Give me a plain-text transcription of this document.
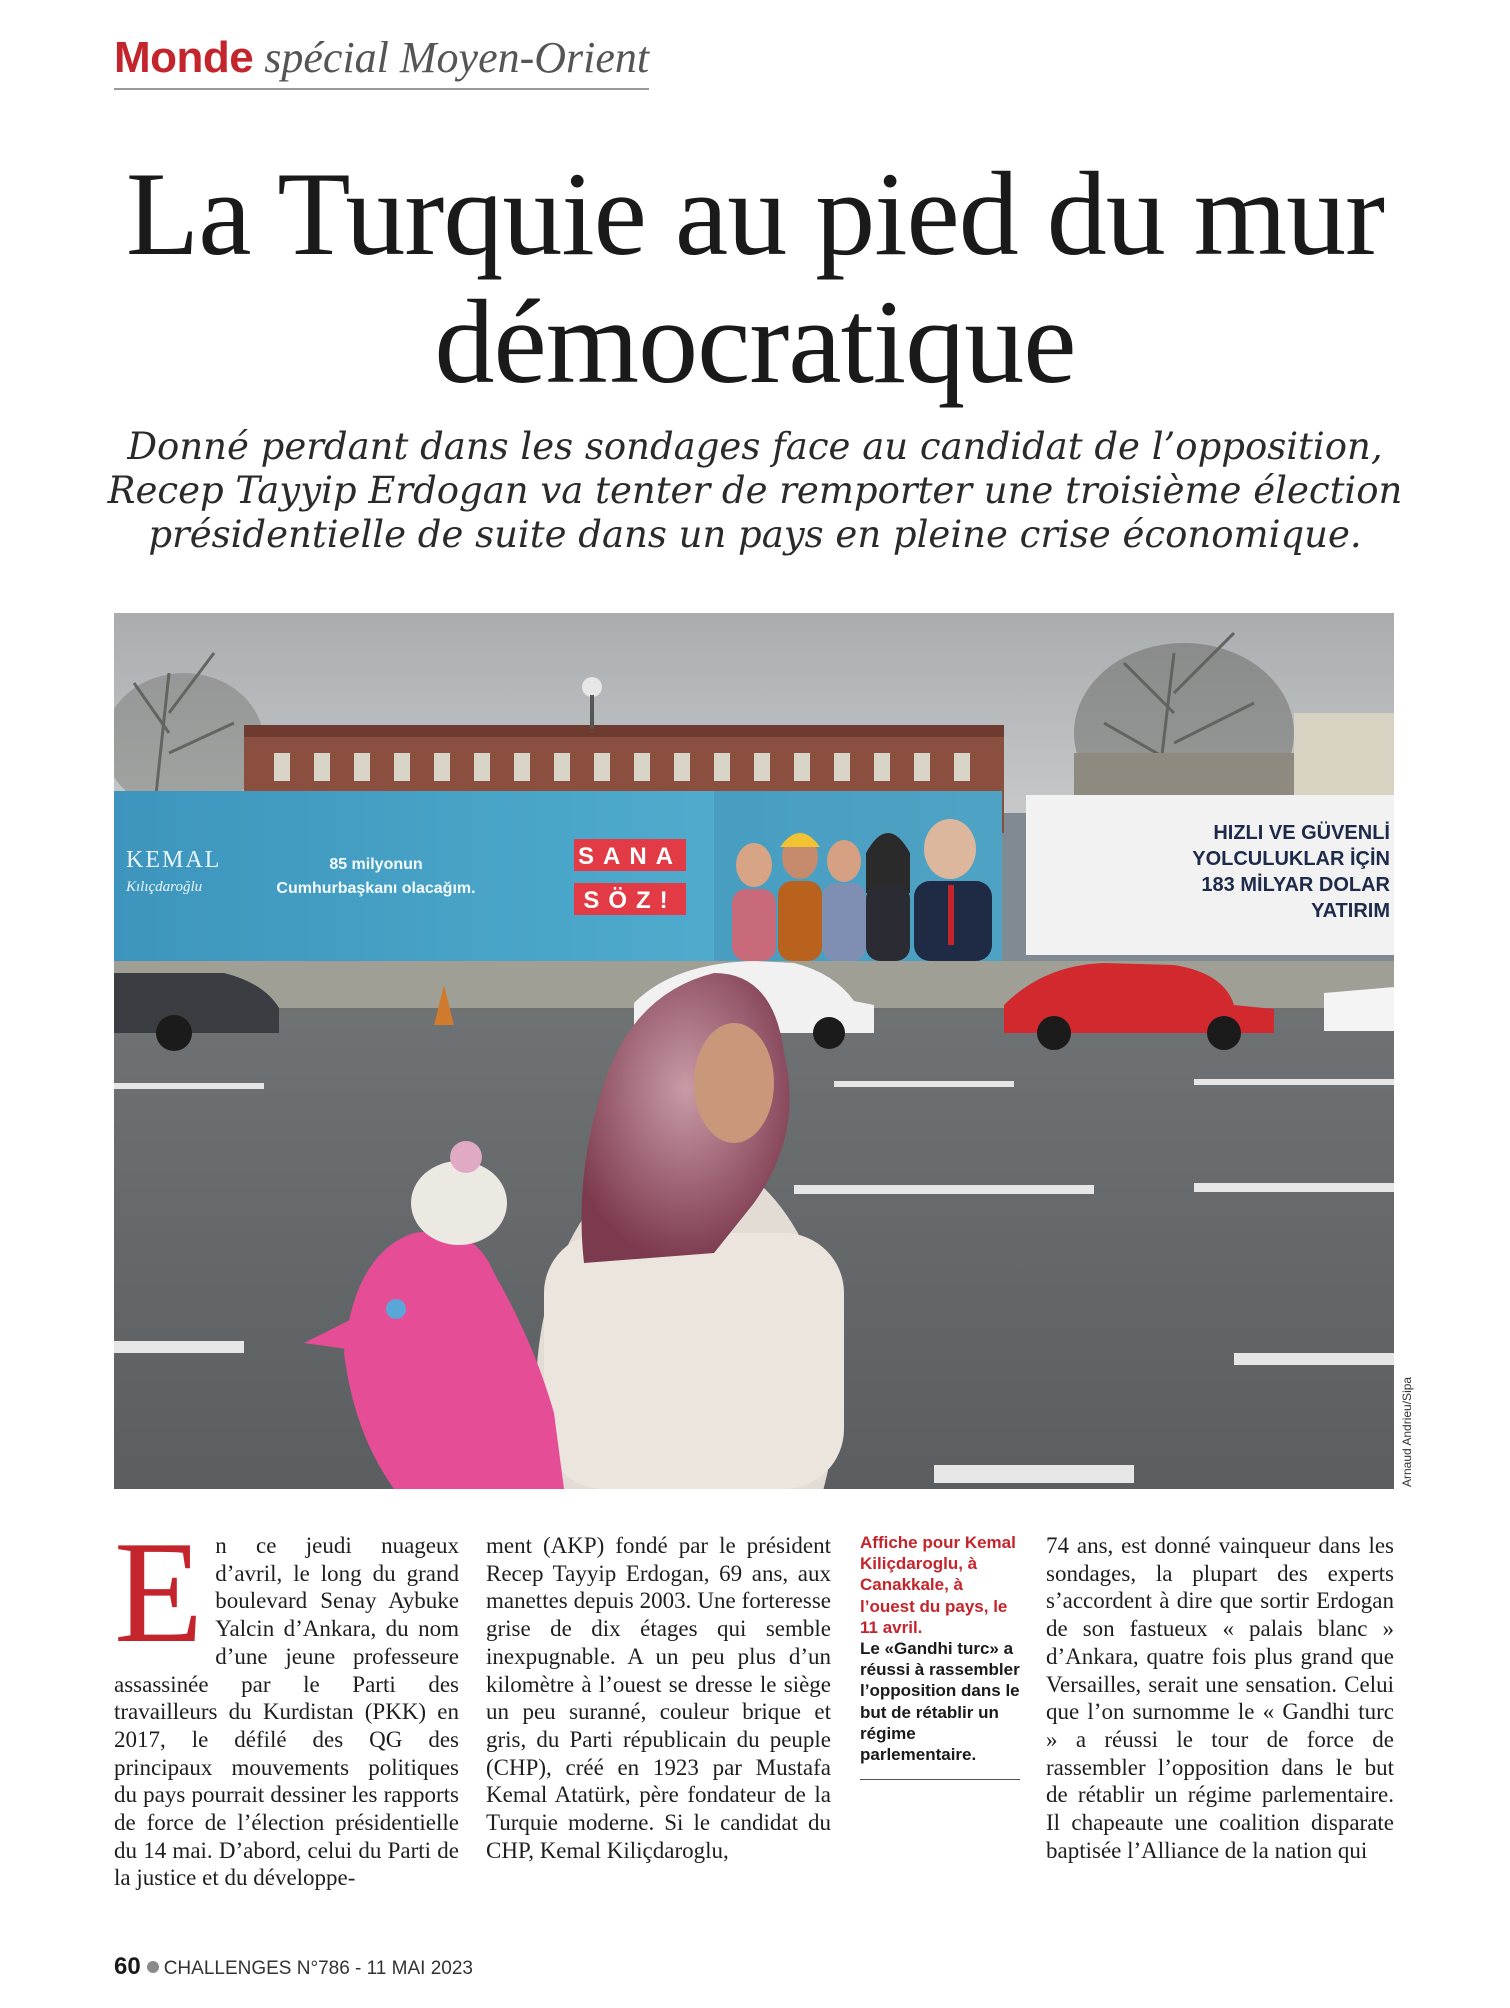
Monde spécial Moyen-Orient
La Turquie au pied du mur
démocratique

Donné perdant dans les sondages face au candidat de l’opposition, Recep Tayyip Erdogan va tenter de remporter une troisième élection présidentielle de suite dans un pays en pleine crise économique.

KEMAL
Kılıçdaroğlu
85 milyonun
Cumhurbaşkanı olacağım.
SANA
SÖZ!
HIZLI VE GÜVENLİ
YOLCULUKLAR İÇİN
183 MİLYAR DOLAR
YATIRIM
Arnaud Andrieu/Sipa
En ce jeudi nuageux d’avril, le long du grand boulevard Senay Aybuke Yalcin d’Ankara, du nom d’une jeune professeure assassinée par le Parti des travailleurs du Kurdistan (PKK) en 2017, le défilé des QG des principaux mouvements politiques du pays pourrait dessiner les rapports de force de l’élection présidentielle du 14 mai. D’abord, celui du Parti de la justice et du développe-
ment (AKP) fondé par le président Recep Tayyip Erdogan, 69 ans, aux manettes depuis 2003. Une forteresse grise de dix étages qui semble inexpugnable. A un peu plus d’un kilomètre à l’ouest se dresse le siège un peu suranné, couleur brique et gris, du Parti républicain du peuple (CHP), créé en 1923 par Mustafa Kemal Atatürk, père fondateur de la Turquie moderne. Si le candidat du CHP, Kemal Kiliçdaroglu,
Affiche pour Kemal Kiliçdaroglu, à Canakkale, à l’ouest du pays, le 11 avril.
Le «Gandhi turc» a réussi à rassembler l’opposition dans le but de rétablir un régime parlementaire.
74 ans, est donné vainqueur dans les sondages, la plupart des experts s’accordent à dire que sortir Erdogan de son fastueux « palais blanc » d’Ankara, quatre fois plus grand que Versailles, serait une sensation. Celui que l’on surnomme le « Gandhi turc » a réussi le tour de force de rassembler l’opposition dans le but de rétablir un régime parlementaire. Il chapeaute une coalition disparate baptisée l’Alliance de la nation qui
60 CHALLENGES N°786 - 11 MAI 2023
